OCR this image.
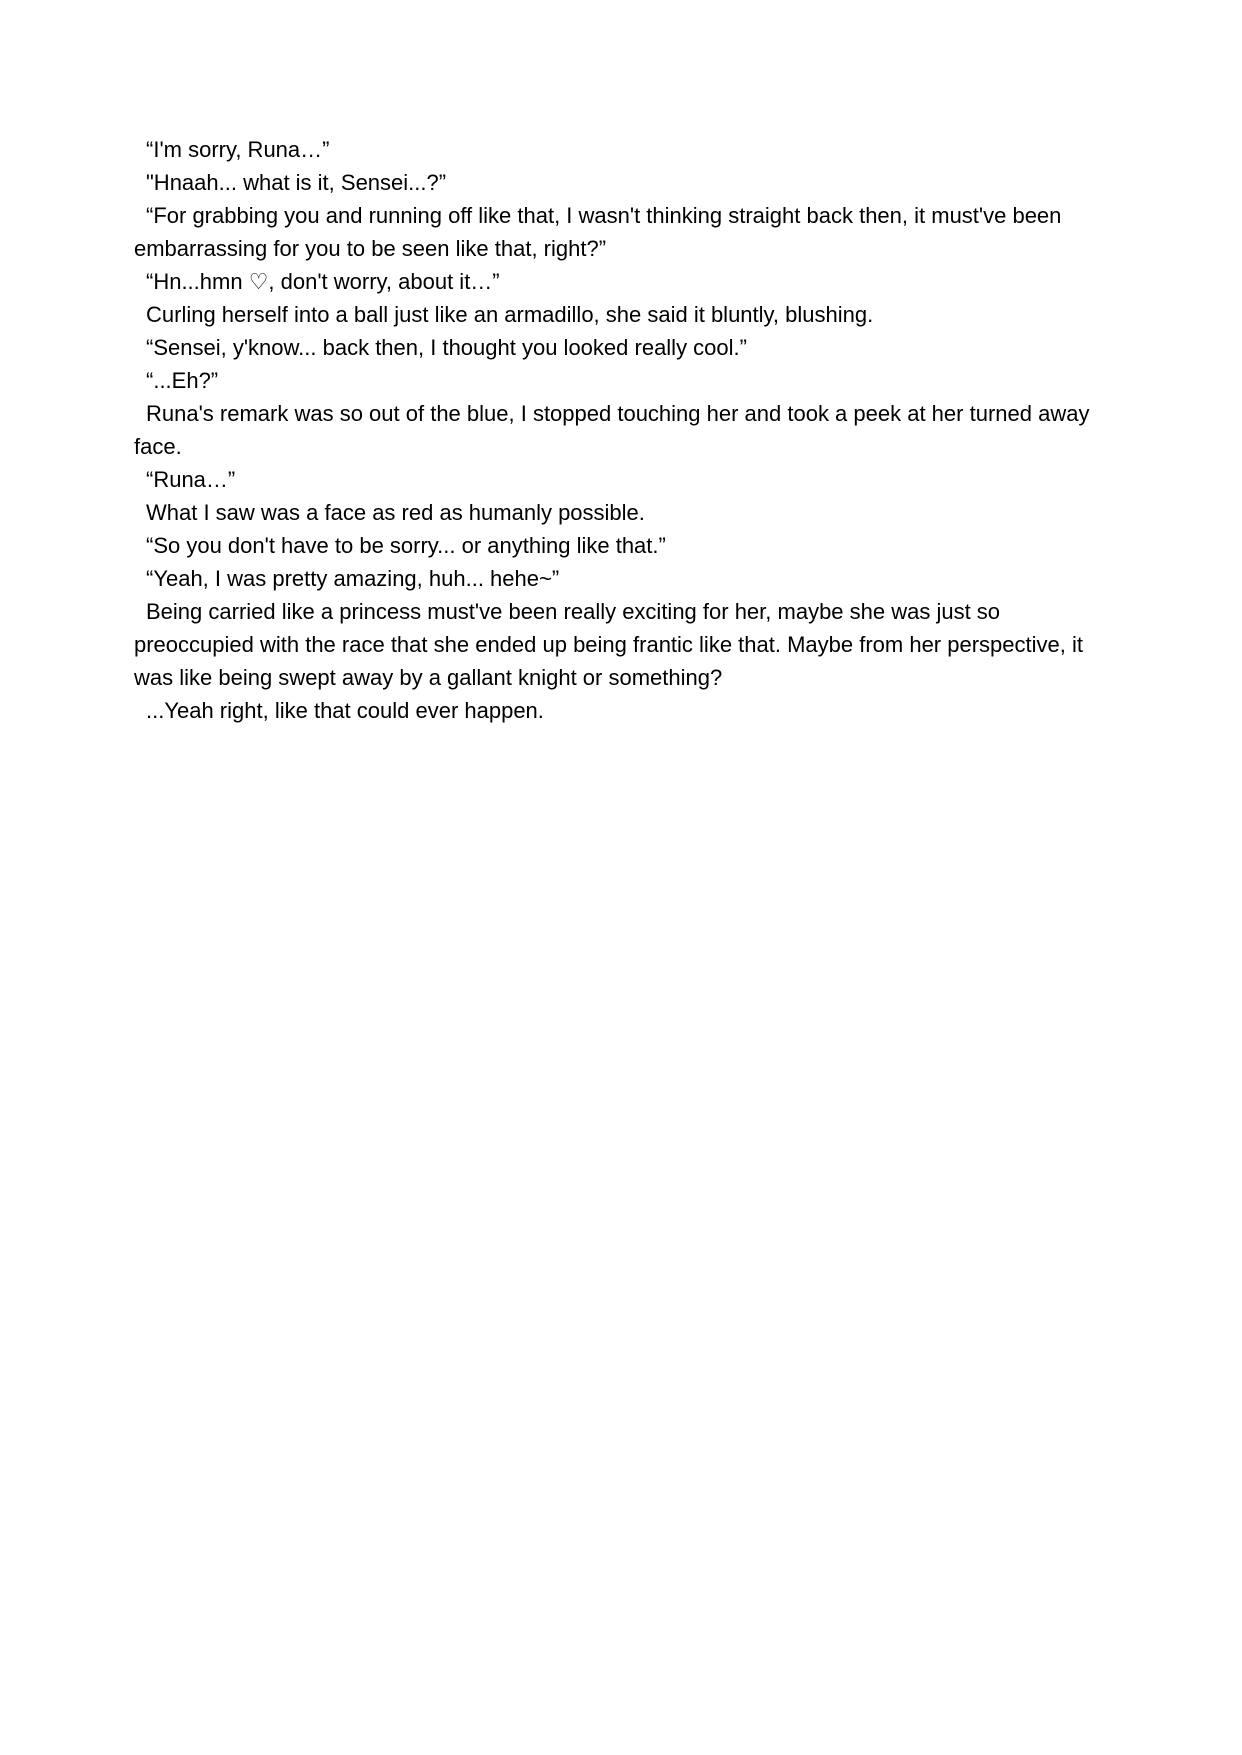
“I'm sorry, Runa…”

"Hnaah... what is it, Sensei...?”

“For grabbing you and running off like that, I wasn't thinking straight back then, it must've been embarrassing for you to be seen like that, right?”

“Hn...hmn ♡, don't worry, about it…”

Curling herself into a ball just like an armadillo, she said it bluntly, blushing.

“Sensei, y'know... back then, I thought you looked really cool.”

“...Eh?”

Runa's remark was so out of the blue, I stopped touching her and took a peek at her turned away face.

“Runa…”

What I saw was a face as red as humanly possible.

“So you don't have to be sorry... or anything like that.”

“Yeah, I was pretty amazing, huh... hehe~”

Being carried like a princess must've been really exciting for her, maybe she was just so preoccupied with the race that she ended up being frantic like that. Maybe from her perspective, it was like being swept away by a gallant knight or something?

...Yeah right, like that could ever happen.
